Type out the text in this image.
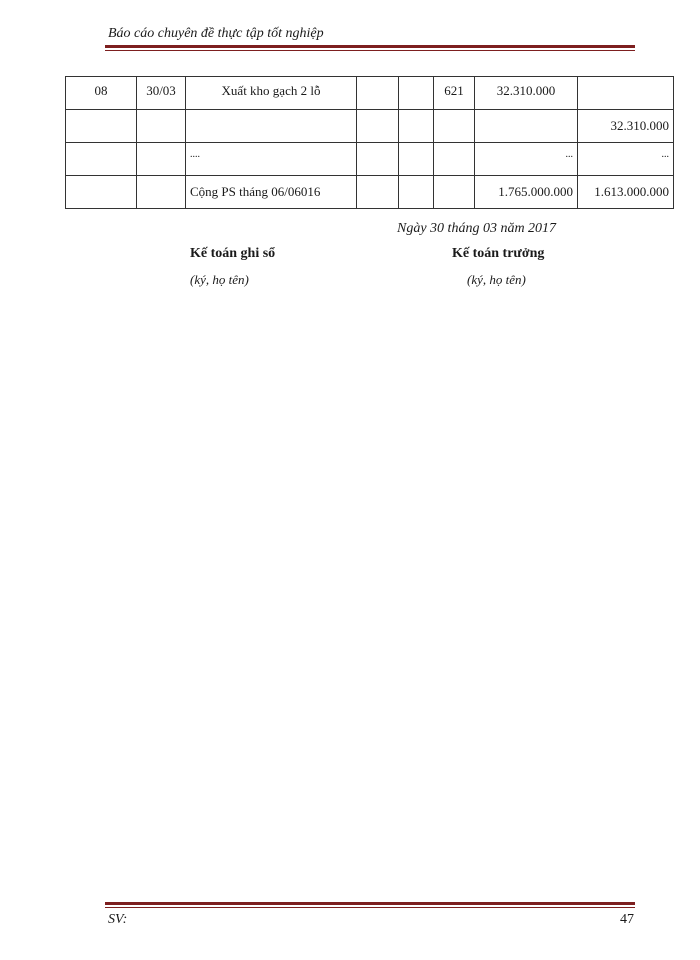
Báo cáo chuyên đề thực tập tốt nghiệp
08	30/03	Xuất kho gạch 2 lỗ			621	32.310.000	
							32.310.000
		....				...	...
		Cộng PS tháng 06/06016				1.765.000.000	1.613.000.000
Ngày 30 tháng 03 năm 2017
Kế toán ghi sổ
(ký, họ tên)
Kế toán trưởng
(ký, họ tên)
SV:	47
